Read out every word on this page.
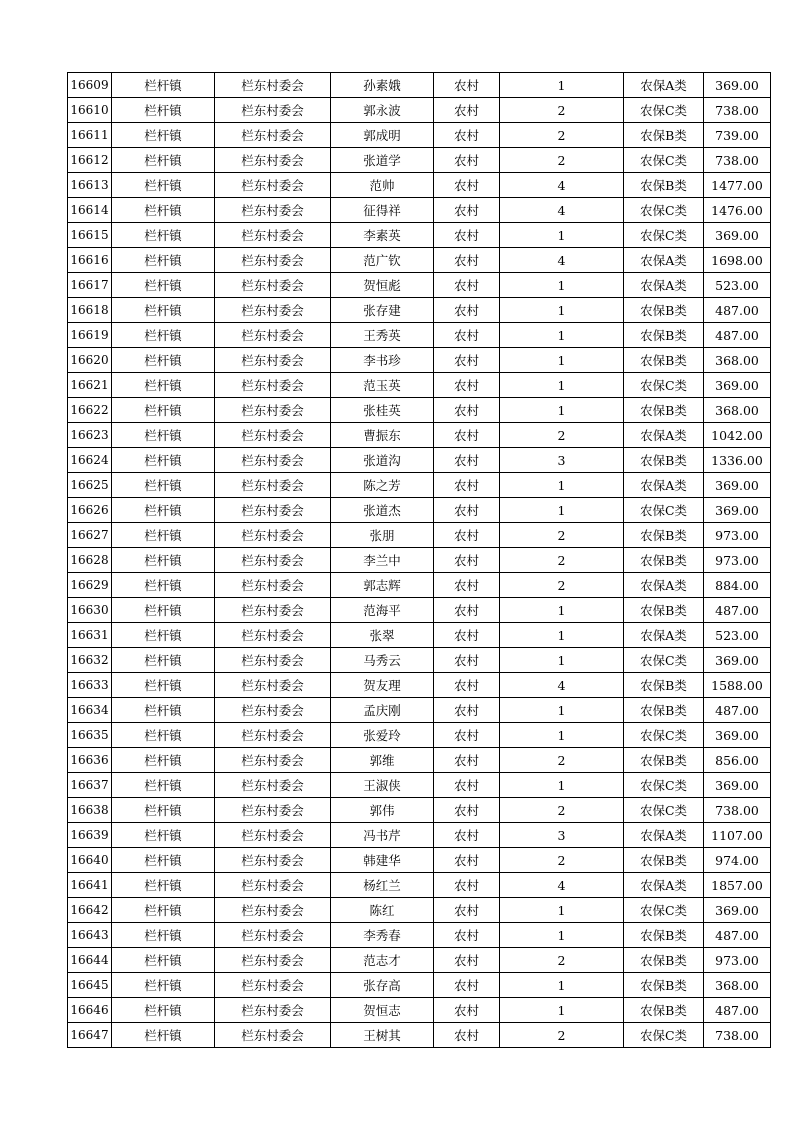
16609	栏杆镇	栏东村委会	孙素娥	农村	1	农保A类	369.00
16610	栏杆镇	栏东村委会	郭永波	农村	2	农保C类	738.00
16611	栏杆镇	栏东村委会	郭成明	农村	2	农保B类	739.00
16612	栏杆镇	栏东村委会	张道学	农村	2	农保C类	738.00
16613	栏杆镇	栏东村委会	范帅	农村	4	农保B类	1477.00
16614	栏杆镇	栏东村委会	征得祥	农村	4	农保C类	1476.00
16615	栏杆镇	栏东村委会	李素英	农村	1	农保C类	369.00
16616	栏杆镇	栏东村委会	范广钦	农村	4	农保A类	1698.00
16617	栏杆镇	栏东村委会	贺恒彪	农村	1	农保A类	523.00
16618	栏杆镇	栏东村委会	张存建	农村	1	农保B类	487.00
16619	栏杆镇	栏东村委会	王秀英	农村	1	农保B类	487.00
16620	栏杆镇	栏东村委会	李书珍	农村	1	农保B类	368.00
16621	栏杆镇	栏东村委会	范玉英	农村	1	农保C类	369.00
16622	栏杆镇	栏东村委会	张桂英	农村	1	农保B类	368.00
16623	栏杆镇	栏东村委会	曹振东	农村	2	农保A类	1042.00
16624	栏杆镇	栏东村委会	张道沟	农村	3	农保B类	1336.00
16625	栏杆镇	栏东村委会	陈之芳	农村	1	农保A类	369.00
16626	栏杆镇	栏东村委会	张道杰	农村	1	农保C类	369.00
16627	栏杆镇	栏东村委会	张朋	农村	2	农保B类	973.00
16628	栏杆镇	栏东村委会	李兰中	农村	2	农保B类	973.00
16629	栏杆镇	栏东村委会	郭志辉	农村	2	农保A类	884.00
16630	栏杆镇	栏东村委会	范海平	农村	1	农保B类	487.00
16631	栏杆镇	栏东村委会	张翠	农村	1	农保A类	523.00
16632	栏杆镇	栏东村委会	马秀云	农村	1	农保C类	369.00
16633	栏杆镇	栏东村委会	贺友理	农村	4	农保B类	1588.00
16634	栏杆镇	栏东村委会	孟庆刚	农村	1	农保B类	487.00
16635	栏杆镇	栏东村委会	张爱玲	农村	1	农保C类	369.00
16636	栏杆镇	栏东村委会	郭维	农村	2	农保B类	856.00
16637	栏杆镇	栏东村委会	王淑侠	农村	1	农保C类	369.00
16638	栏杆镇	栏东村委会	郭伟	农村	2	农保C类	738.00
16639	栏杆镇	栏东村委会	冯书芹	农村	3	农保A类	1107.00
16640	栏杆镇	栏东村委会	韩建华	农村	2	农保B类	974.00
16641	栏杆镇	栏东村委会	杨红兰	农村	4	农保A类	1857.00
16642	栏杆镇	栏东村委会	陈红	农村	1	农保C类	369.00
16643	栏杆镇	栏东村委会	李秀春	农村	1	农保B类	487.00
16644	栏杆镇	栏东村委会	范志才	农村	2	农保B类	973.00
16645	栏杆镇	栏东村委会	张存高	农村	1	农保B类	368.00
16646	栏杆镇	栏东村委会	贺恒志	农村	1	农保B类	487.00
16647	栏杆镇	栏东村委会	王树其	农村	2	农保C类	738.00
